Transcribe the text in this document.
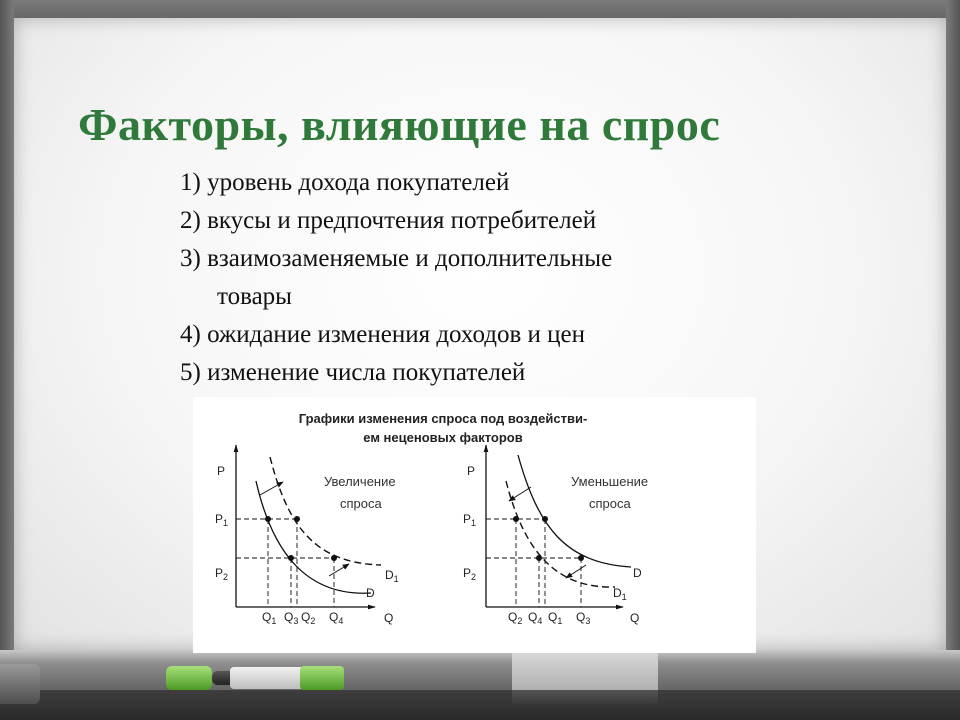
Факторы, влияющие на спрос
1) уровень дохода покупателей
2) вкусы и предпочтения потребителей
3) взаимозаменяемые и дополнительные
товары
4) ожидание изменения доходов и цен
5) изменение числа покупателей
Графики изменения спроса под воздействи-
ем неценовых факторов
P
Q
Увеличение
спроса
$P_1$
$P_2$
$Q_1$ $Q_3$ $Q_2$ $Q_4$
D
$D_1$
P
Q
Уменьшение
спроса
$P_1$
$P_2$
$Q_2$ $Q_4$ $Q_1$ $Q_3$
D
$D_1$
